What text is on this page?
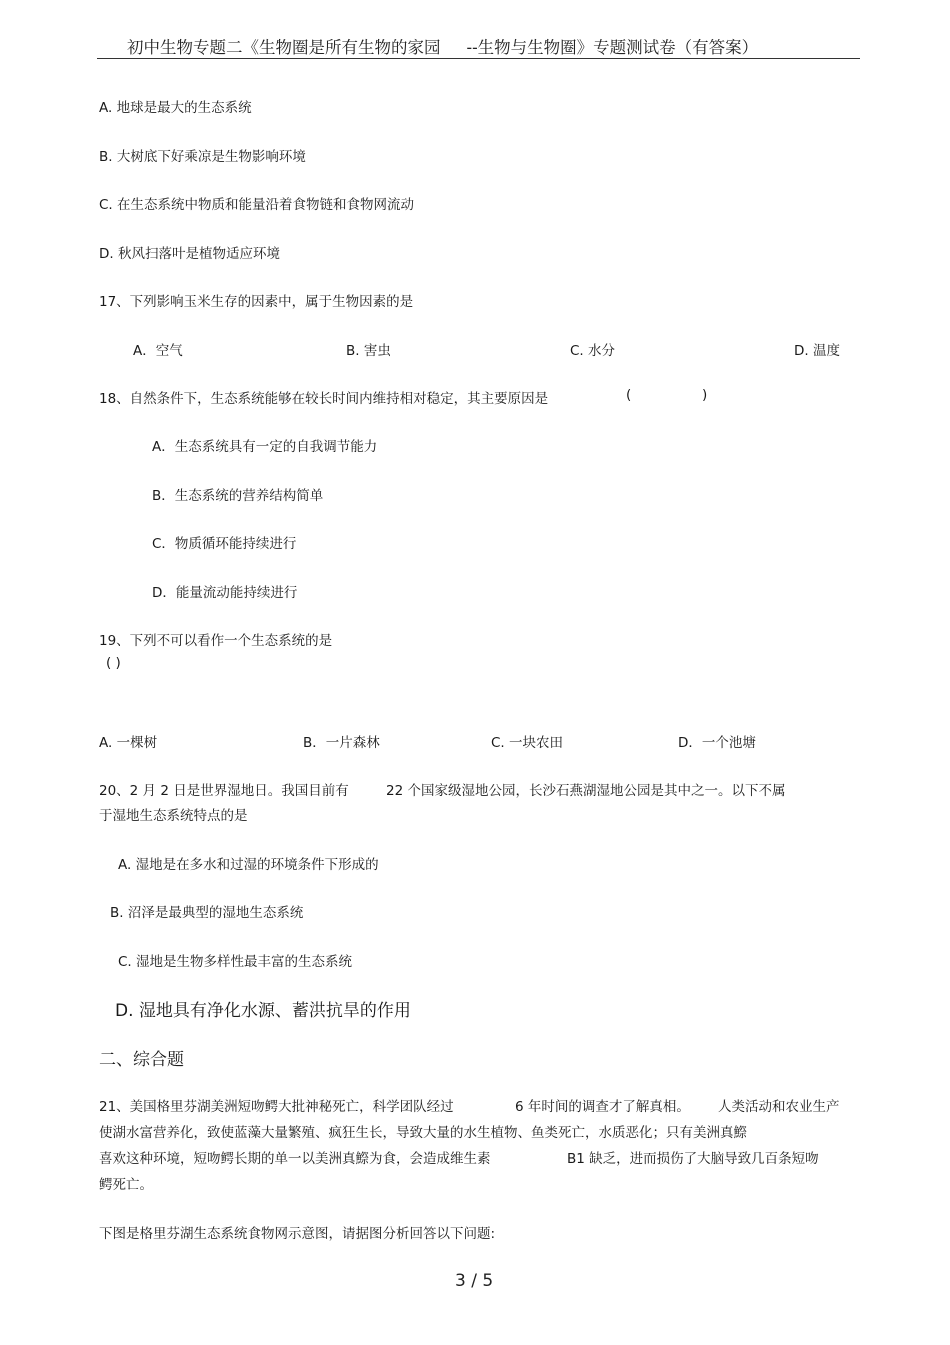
初中生物专题二《生物圈是所有生物的家园 --生物与生物圈》专题测试卷（有答案）
A. 地球是最大的生态系统
B. 大树底下好乘凉是生物影响环境
C. 在生态系统中物质和能量沿着食物链和食物网流动
D. 秋风扫落叶是植物适应环境
17、下列影响玉米生存的因素中，属于生物因素的是
A．空气	B. 害虫	C. 水分	D. 温度
18、自然条件下，生态系统能够在较长时间内维持相对稳定，其主要原因是	(	)
A．生态系统具有一定的自我调节能力
B．生态系统的营养结构简单
C．物质循环能持续进行
D．能量流动能持续进行
19、下列不可以看作一个生态系统的是
( )
A. 一棵树	B．一片森林	C. 一块农田	D．一个池塘
20、2 月 2 日是世界湿地日。我国目前有	22 个国家级湿地公园，长沙石燕湖湿地公园是其中之一。以下不属
于湿地生态系统特点的是
A. 湿地是在多水和过湿的环境条件下形成的
B. 沼泽是最典型的湿地生态系统
C. 湿地是生物多样性最丰富的生态系统
D. 湿地具有净化水源、蓄洪抗旱的作用
二、综合题
21、美国格里芬湖美洲短吻鳄大批神秘死亡，科学团队经过	6 年时间的调查才了解真相。 人类活动和农业生产
使湖水富营养化，致使蓝藻大量繁殖、疯狂生长，导致大量的水生植物、鱼类死亡，水质恶化；只有美洲真鰶
喜欢这种环境，短吻鳄长期的单一以美洲真鰶为食，会造成维生素	B1 缺乏，进而损伤了大脑导致几百条短吻
鳄死亡。
下图是格里芬湖生态系统食物网示意图，请据图分析回答以下问题:
3 / 5
